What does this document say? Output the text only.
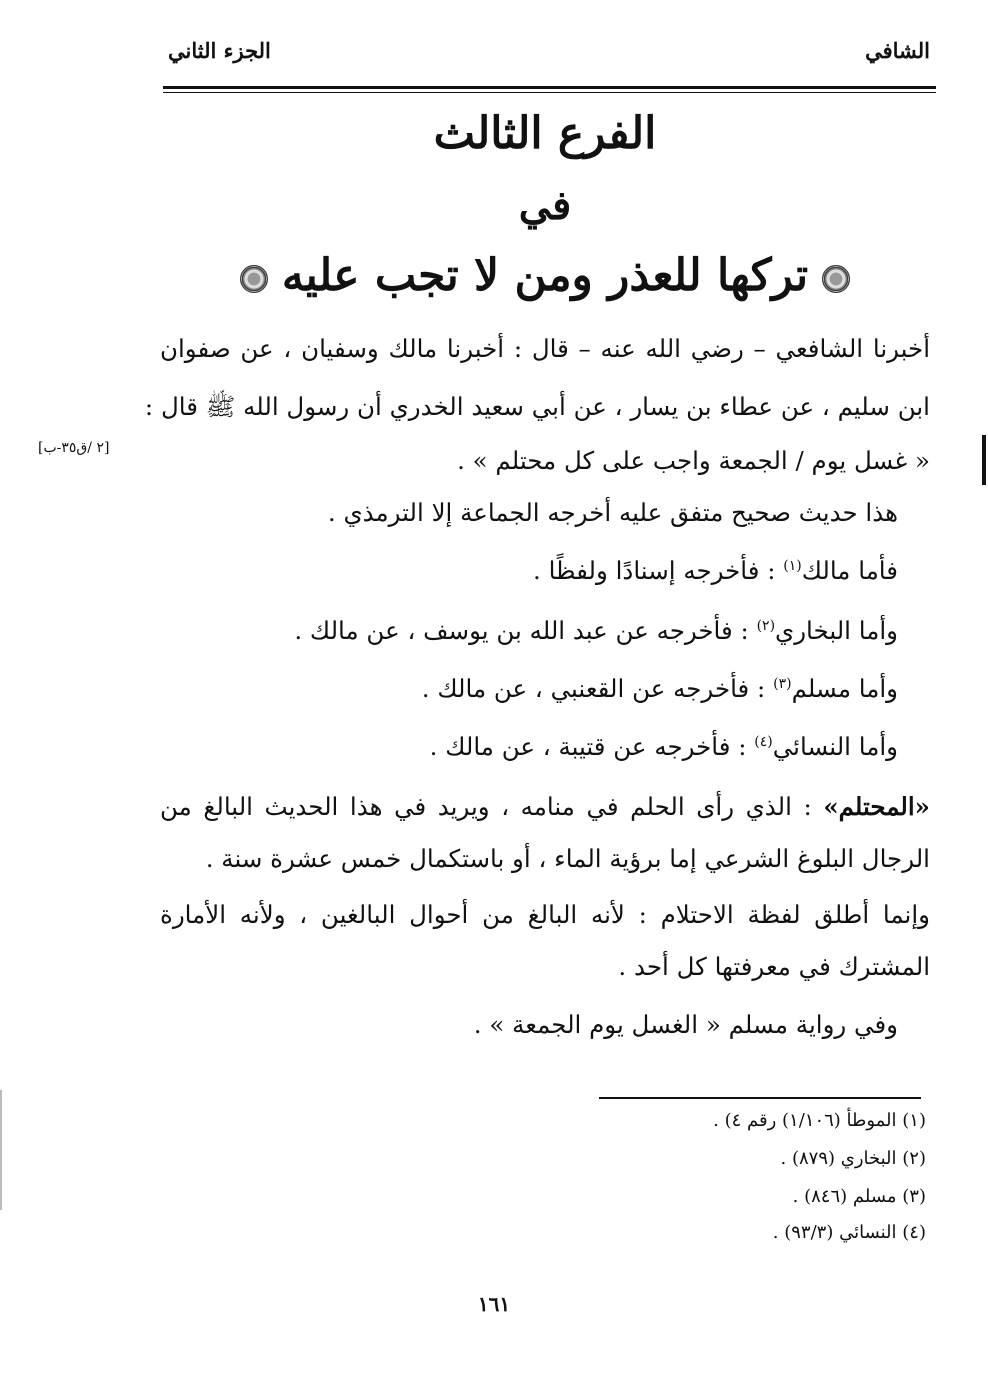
الشافي
الجزء الثاني
الفرع الثالث
في
تركها للعذر ومن لا تجب عليه
أخبرنا الشافعي – رضي الله عنه – قال : أخبرنا مالك وسفيان ، عن صفوان
ابن سليم ، عن عطاء بن يسار ، عن أبي سعيد الخدري أن رسول الله ﷺ قال :
« غسل يوم / الجمعة واجب على كل محتلم » .
[٢ /ق٣٥-ب]
هذا حديث صحيح متفق عليه أخرجه الجماعة إلا الترمذي .
فأما مالك$^{(١)}$ : فأخرجه إسنادًا ولفظًا .
وأما البخاري$^{(٢)}$ : فأخرجه عن عبد الله بن يوسف ، عن مالك .
وأما مسلم$^{(٣)}$ : فأخرجه عن القعنبي ، عن مالك .
وأما النسائي$^{(٤)}$ : فأخرجه عن قتيبة ، عن مالك .
«المحتلم» : الذي رأى الحلم في منامه ، ويريد في هذا الحديث البالغ من
الرجال البلوغ الشرعي إما برؤية الماء ، أو باستكمال خمس عشرة سنة .
وإنما أطلق لفظة الاحتلام : لأنه البالغ من أحوال البالغين ، ولأنه الأمارة
المشترك في معرفتها كل أحد .
وفي رواية مسلم « الغسل يوم الجمعة » .
(١) الموطأ (١/١٠٦) رقم ٤) .
(٢) البخاري (٨٧٩) .
(٣) مسلم (٨٤٦) .
(٤) النسائي (٩٣/٣) .
١٦١
